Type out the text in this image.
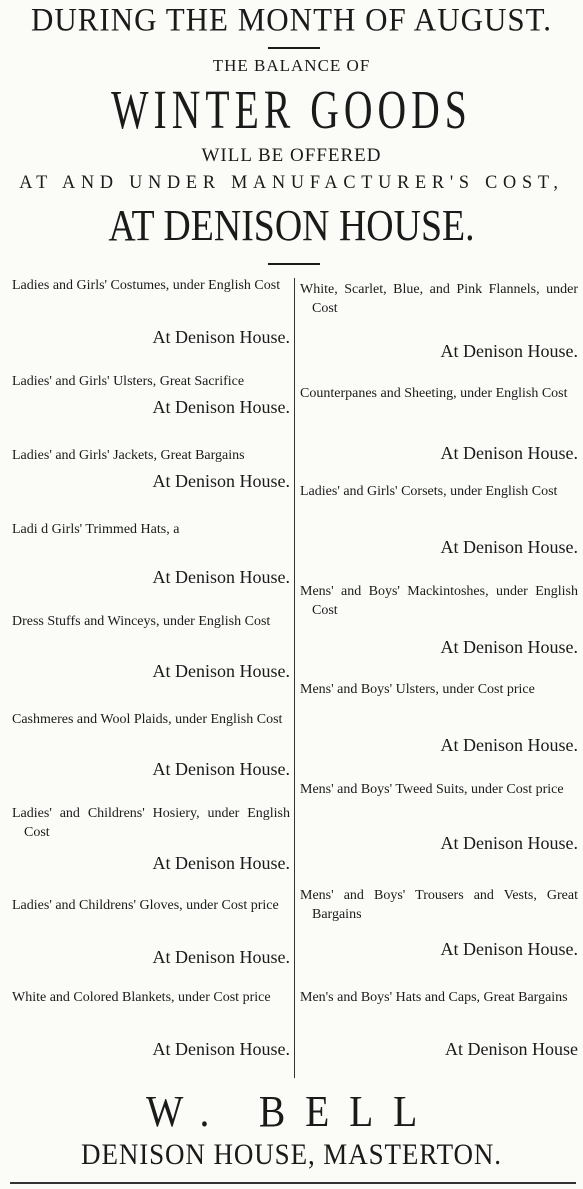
DURING THE MONTH OF AUGUST.
THE BALANCE OF
WINTER GOODS
WILL BE OFFERED
AT AND UNDER MANUFACTURER'S COST,
AT DENISON HOUSE.
Ladies and Girls' Costumes, under English Cost
At Denison House.
Ladies' and Girls' Ulsters, Great Sacrifice
At Denison House.
Ladies' and Girls' Jackets, Great Bargains
At Denison House.
Ladi d Girls' Trimmed Hats, a
At Denison House.
Dress Stuffs and Winceys, under English Cost
At Denison House.
Cashmeres and Wool Plaids, under English Cost
At Denison House.
Ladies' and Childrens' Hosiery, under English Cost
At Denison House.
Ladies' and Childrens' Gloves, under Cost price
At Denison House.
White and Colored Blankets, under Cost price
At Denison House.
White, Scarlet, Blue, and Pink Flannels, under Cost
At Denison House.
Counterpanes and Sheeting, under English Cost
At Denison House.
Ladies' and Girls' Corsets, under English Cost
At Denison House.
Mens' and Boys' Mackintoshes, under English Cost
At Denison House.
Mens' and Boys' Ulsters, under Cost price
At Denison House.
Mens' and Boys' Tweed Suits, under Cost price
At Denison House.
Mens' and Boys' Trousers and Vests, Great Bargains
At Denison House.
Men's and Boys' Hats and Caps, Great Bargains
At Denison House
W. BELL
DENISON HOUSE, MASTERTON.
